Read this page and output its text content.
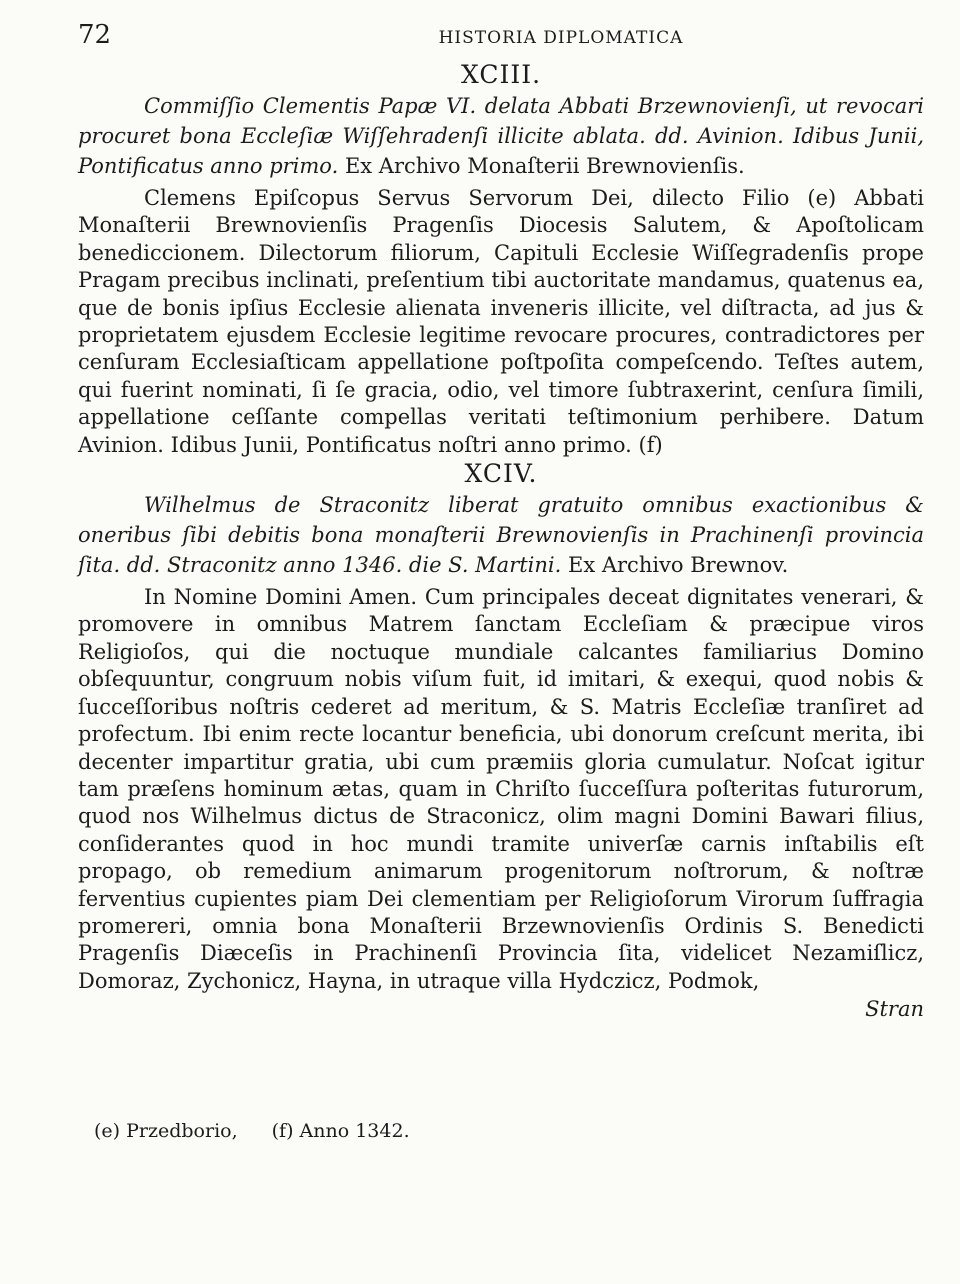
72	HISTORIA DIPLOMATICA
XCIII.

Commiſſio Clementis Papæ VI. delata Abbati Brzewnovienſi, ut revocari procuret bona Eccleſiæ Wiſſehradenſi illicite ablata. dd. Avinion. Idibus Junii, Pontificatus anno primo. Ex Archivo Monaſterii Brewnovienſis.

Clemens Epiſcopus Servus Servorum Dei, dilecto Filio (e) Abbati Monaſterii Brewnovienſis Pragenſis Diocesis Salutem, & Apoſtolicam benediccionem. Dilectorum filiorum, Capituli Ecclesie Wiſſegradenſis prope Pragam precibus inclinati, preſentium tibi auctoritate mandamus, quatenus ea, que de bonis ipſius Ecclesie alienata inveneris illicite, vel diſtracta, ad jus & proprietatem ejusdem Ecclesie legitime revocare procures, contradictores per cenſuram Ecclesiaſticam appellatione poſtpoſita compeſcendo. Teſtes autem, qui fuerint nominati, ſi ſe gracia, odio, vel timore ſubtraxerint, cenſura ſimili, appellatione ceſſante compellas veritati teſtimonium perhibere. Datum Avinion. Idibus Junii, Pontificatus noſtri anno primo. (f)

XCIV.

Wilhelmus de Straconitz liberat gratuito omnibus exactionibus & oneribus ſibi debitis bona monaſterii Brewnovienſis in Prachinenſi provincia ſita. dd. Straconitz anno 1346. die S. Martini. Ex Archivo Brewnov.

In Nomine Domini Amen. Cum principales deceat dignitates venerari, & promovere in omnibus Matrem ſanctam Eccleſiam & præcipue viros Religioſos, qui die noctuque mundiale calcantes familiarius Domino obſequuntur, congruum nobis viſum fuit, id imitari, & exequi, quod nobis & ſucceſſoribus noſtris cederet ad meritum, & S. Matris Eccleſiæ tranſiret ad profectum. Ibi enim recte locantur beneficia, ubi donorum creſcunt merita, ibi decenter impartitur gratia, ubi cum præmiis gloria cumulatur. Noſcat igitur tam præſens hominum ætas, quam in Chriſto ſucceſſura poſteritas futurorum, quod nos Wilhelmus dictus de Straconicz, olim magni Domini Bawari filius, conſiderantes quod in hoc mundi tramite univerſæ carnis inſtabilis eſt propago, ob remedium animarum progenitorum noſtrorum, & noſtræ ferventius cupientes piam Dei clementiam per Religioſorum Virorum ſuffragia promereri, omnia bona Monaſterii Brzewnovienſis Ordinis S. Benedicti Pragenſis Diæceſis in Prachinenſi Provincia ſita, videlicet Nezamiſlicz, Domoraz, Zychonicz, Hayna, in utraque villa Hydczicz, Podmok,

Stran
(e) Przedborio, (f) Anno 1342.
